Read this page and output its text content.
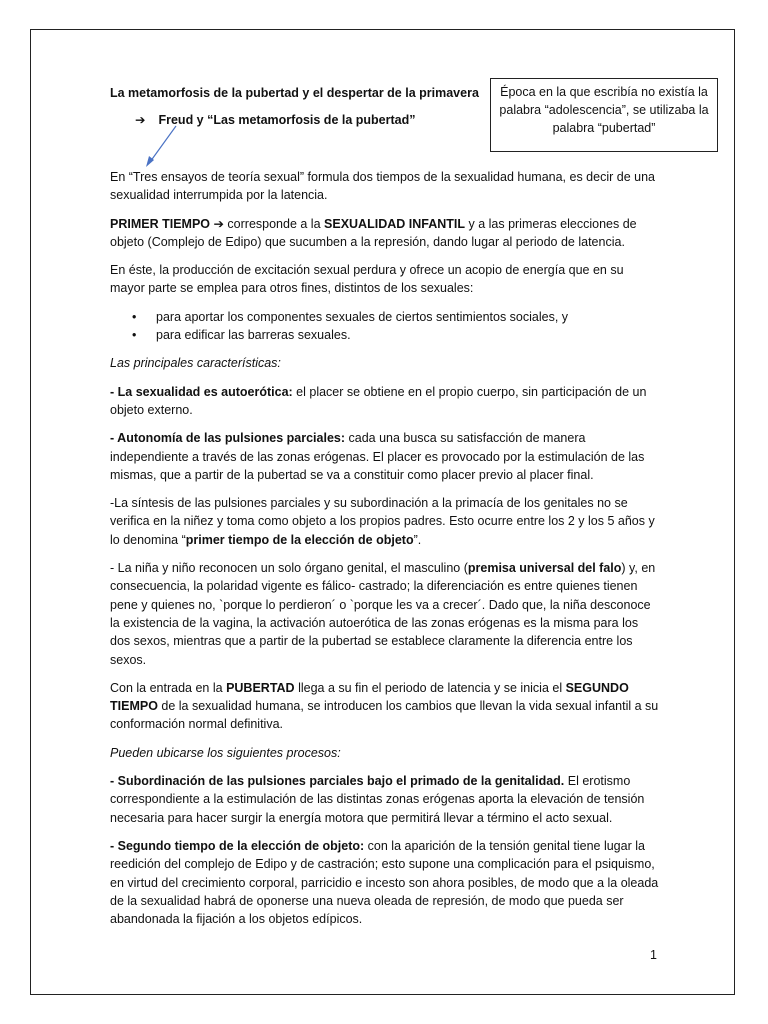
La metamorfosis de la pubertad y el despertar de la primavera
➔ Freud y “Las metamorfosis de la pubertad”
Época en la que escribía no existía la palabra “adolescencia”, se utilizaba la palabra “pubertad”

En “Tres ensayos de teoría sexual” formula dos tiempos de la sexualidad humana, es decir de una sexualidad interrumpida por la latencia.

PRIMER TIEMPO ➔ corresponde a la SEXUALIDAD INFANTIL y a las primeras elecciones de objeto (Complejo de Edipo) que sucumben a la represión, dando lugar al periodo de latencia.

En éste, la producción de excitación sexual perdura y ofrece un acopio de energía que en su mayor parte se emplea para otros fines, distintos de los sexuales:

• para aportar los componentes sexuales de ciertos sentimientos sociales, y
• para edificar las barreras sexuales.

Las principales características:

- La sexualidad es autoerótica: el placer se obtiene en el propio cuerpo, sin participación de un objeto externo.

- Autonomía de las pulsiones parciales: cada una busca su satisfacción de manera independiente a través de las zonas erógenas. El placer es provocado por la estimulación de las mismas, que a partir de la pubertad se va a constituir como placer previo al placer final.

-La síntesis de las pulsiones parciales y su subordinación a la primacía de los genitales no se verifica en la niñez y toma como objeto a los propios padres. Esto ocurre entre los 2 y los 5 años y lo denomina “primer tiempo de la elección de objeto”.

- La niña y niño reconocen un solo órgano genital, el masculino (premisa universal del falo) y, en consecuencia, la polaridad vigente es fálico- castrado; la diferenciación es entre quienes tienen pene y quienes no, `porque lo perdieron´ o `porque les va a crecer´. Dado que, la niña desconoce la existencia de la vagina, la activación autoerótica de las zonas erógenas es la misma para los dos sexos, mientras que a partir de la pubertad se establece claramente la diferencia entre los sexos.

Con la entrada en la PUBERTAD llega a su fin el periodo de latencia y se inicia el SEGUNDO TIEMPO de la sexualidad humana, se introducen los cambios que llevan la vida sexual infantil a su conformación normal definitiva.

Pueden ubicarse los siguientes procesos:

- Subordinación de las pulsiones parciales bajo el primado de la genitalidad. El erotismo correspondiente a la estimulación de las distintas zonas erógenas aporta la elevación de tensión necesaria para hacer surgir la energía motora que permitirá llevar a término el acto sexual.

- Segundo tiempo de la elección de objeto: con la aparición de la tensión genital tiene lugar la reedición del complejo de Edipo y de castración; esto supone una complicación para el psiquismo, en virtud del crecimiento corporal, parricidio e incesto son ahora posibles, de modo que a la oleada de la sexualidad habrá de oponerse una nueva oleada de represión, de modo que pueda ser abandonada la fijación a los objetos edípicos.

1
